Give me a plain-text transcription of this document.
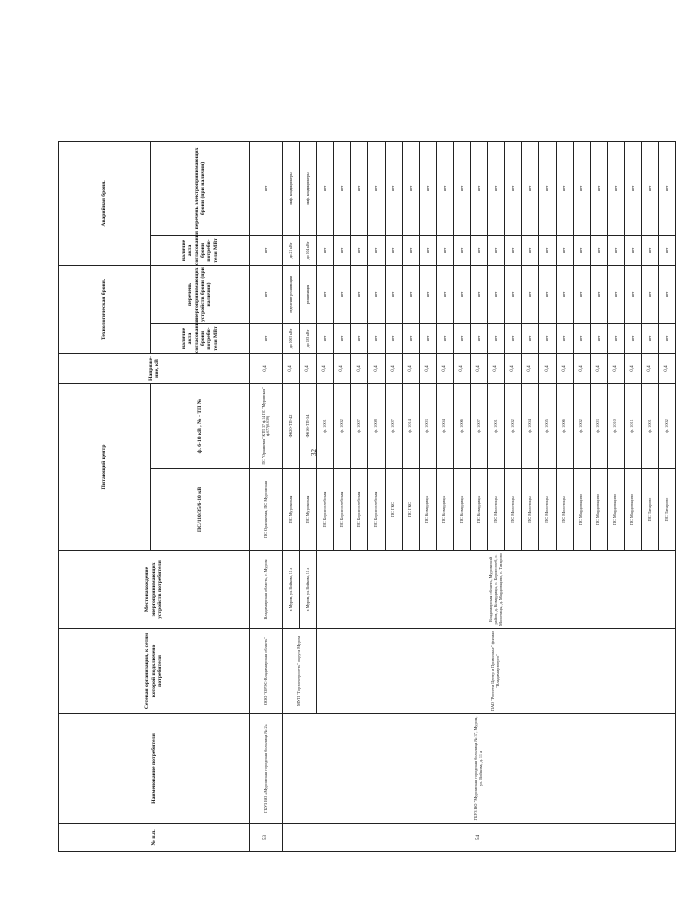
32
№ п.п.	Наименование потребителя	Сетевая организация, к сетям которой подключено потребителя	Местонахождение энергопринимающих устройств потребителя	Питающий центр		Напряже- ние, кВ	Технологическая броня.		Аварийная броня.	
				ПС/110/35/6-10 кВ	ф. 6-10 кВ , № - ТП №		наличие акта согласования брони потреби- теля МВт	перечень энергопринимающих устройств брони (при наличии)	наличие акта согласования брони потреби- теля МВт	перечень электропринимающих брони (при наличии)

53	ГБУЗ ВО «Муромская городская больница № 2»	ООО "ОРЭС-Владимирская область"	Владимирская область, г. Муром	ПС Оранжевая, ПС Муромская	ПС "Оранжевая" КТП 37 ф.14 ПС "Муромская" ф.677(0.639)	0,4	нет	нет	нет	нет
54	ГБУЗ ВО "Муромская городская больница № 3", Муром, ул. Войкова, д. 11 а	МУП "Горэлектросеть" округа Муром	г. Муром, ул. Войкова, 11 а	ПС Муромская	Ф620-ТП-42	0,4	до 1003 кВт	отделение реанимации	до 21 кВт	инф. кондиционеры
			г. Муром, ул. Войкова, 11 а	ПС Муромская	Ф616-ТП-54	0,4	до 183 кВт	реанимация	до 104 кВт	инф. кондиционеры
		ПАО "Россети Центр и Приволжье" филиал "Владимирэнерго"	Владимирская область, Муромский район, д. Ковардицы, с. Борисоглеб, с. Молотицы, д. Мардовщино, с. Татарово	ПС Борисоглебская	ф. 1001	0,4	нет	нет	нет	нет
				ПС Борисоглебская	ф. 1002	0,4	нет	нет	нет	нет
				ПС Борисоглебская	ф. 1007	0,4	нет	нет	нет	нет
				ПС Борисоглебская	ф. 1008	0,4	нет	нет	нет	нет
				ПС ГКС	ф. 1007	0,4	нет	нет	нет	нет
				ПС ГКС	ф. 1014	0,4	нет	нет	нет	нет
				ПС Ковардицы	ф. 1003	0,4	нет	нет	нет	нет
				ПС Ковардицы	ф. 1004	0,4	нет	нет	нет	нет
				ПС Ковардицы	ф. 1006	0,4	нет	нет	нет	нет
				ПС Ковардицы	ф. 1007	0,4	нет	нет	нет	нет
				ПС Молотицы	ф. 1001	0,4	нет	нет	нет	нет
				ПС Молотицы	ф. 1002	0,4	нет	нет	нет	нет
				ПС Молотицы	ф. 1004	0,4	нет	нет	нет	нет
				ПС Молотицы	ф. 1005	0,4	нет	нет	нет	нет
				ПС Молотицы	ф. 1006	0,4	нет	нет	нет	нет
				ПС Мардовщино	ф. 1002	0,4	нет	нет	нет	нет
				ПС Мардовщино	ф. 1003	0,4	нет	нет	нет	нет
				ПС Мардовщино	ф. 1010	0,4	нет	нет	нет	нет
				ПС Мардовщино	ф. 1011	0,4	нет	нет	нет	нет
				ПС Татарово	ф. 1001	0,4	нет	нет	нет	нет
				ПС Татарово	ф. 1002	0,4	нет	нет	нет	нет
